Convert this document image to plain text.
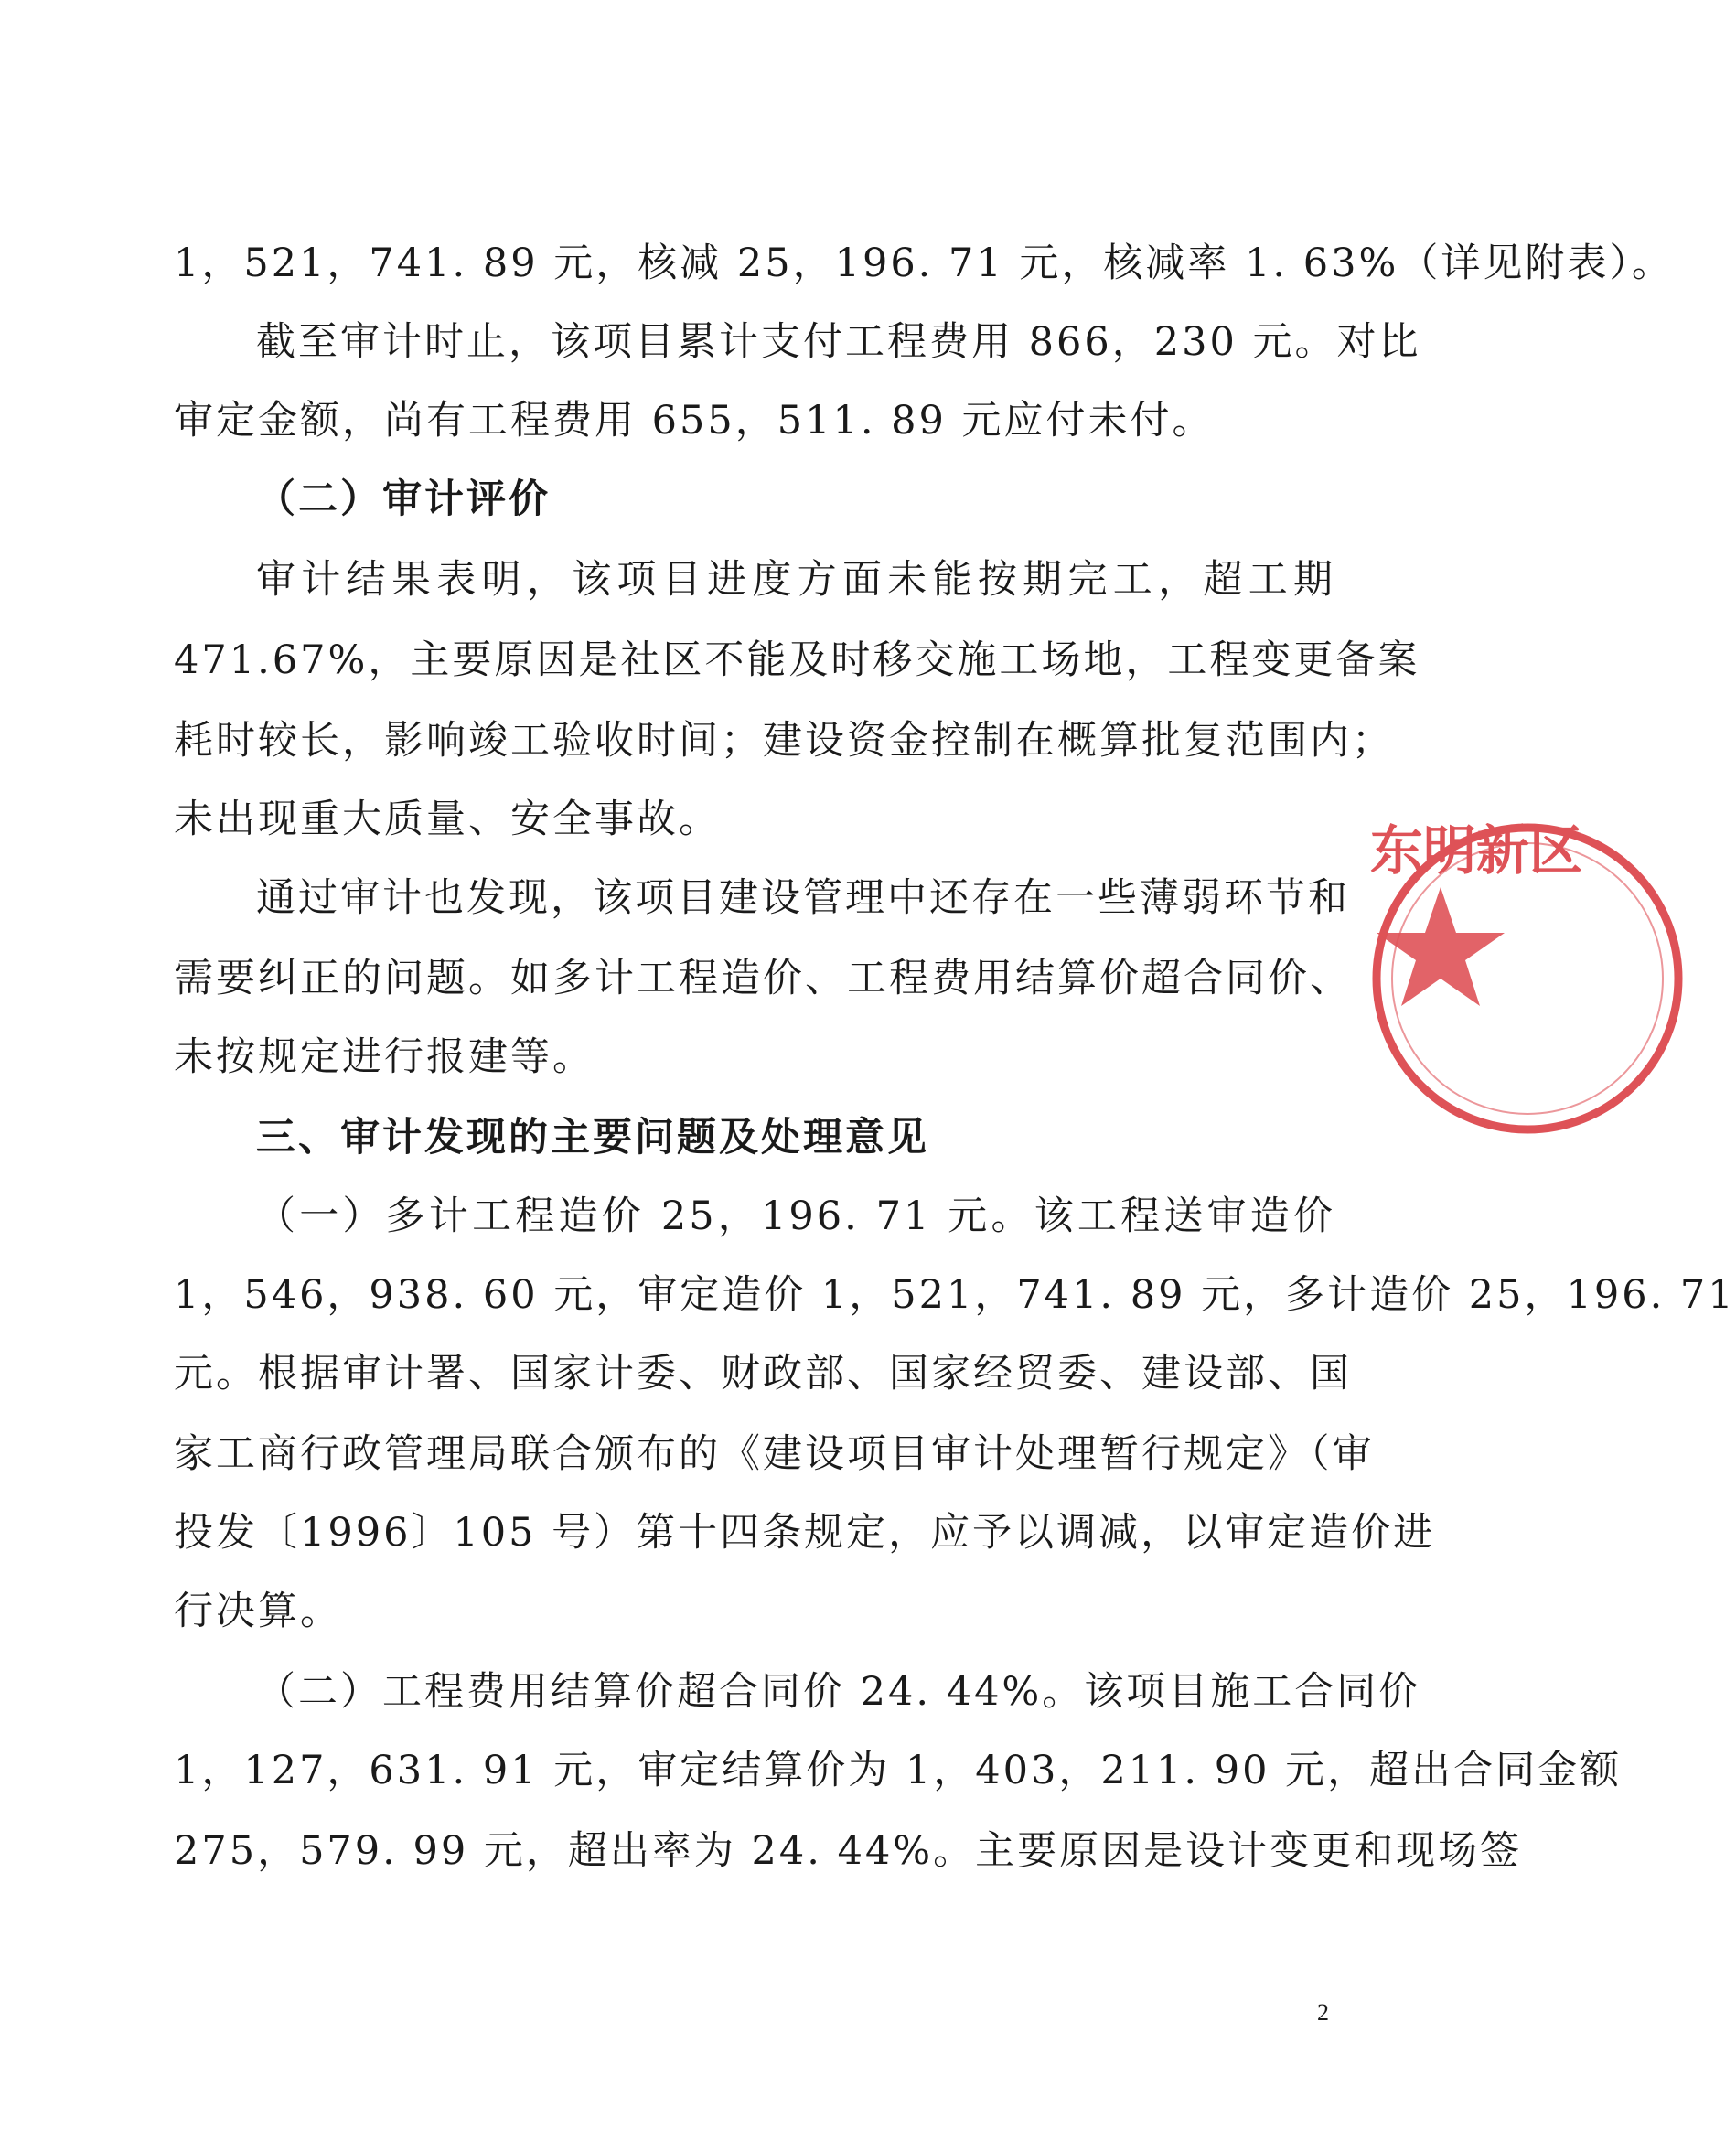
1，521，741. 89 元，核减 25，196. 71 元，核减率 1. 63%（详见附表）。
截至审计时止，该项目累计支付工程费用 866，230 元。对比
审定金额，尚有工程费用 655，511. 89 元应付未付。
（二）审计评价
审计结果表明，该项目进度方面未能按期完工，超工期
471.67%，主要原因是社区不能及时移交施工场地，工程变更备案
耗时较长，影响竣工验收时间；建设资金控制在概算批复范围内；
未出现重大质量、安全事故。
通过审计也发现，该项目建设管理中还存在一些薄弱环节和
需要纠正的问题。如多计工程造价、工程费用结算价超合同价、
未按规定进行报建等。
三、审计发现的主要问题及处理意见
（一）多计工程造价 25，196. 71 元。该工程送审造价
1，546，938. 60 元，审定造价 1，521，741. 89 元，多计造价 25，196. 71
元。根据审计署、国家计委、财政部、国家经贸委、建设部、国
家工商行政管理局联合颁布的《建设项目审计处理暂行规定》（审
投发〔1996〕105 号）第十四条规定，应予以调减，以审定造价进
行决算。
（二）工程费用结算价超合同价 24. 44%。该项目施工合同价
1，127，631. 91 元，审定结算价为 1，403，211. 90 元，超出合同金额
275，579. 99 元，超出率为 24. 44%。主要原因是设计变更和现场签
2
东明新区
